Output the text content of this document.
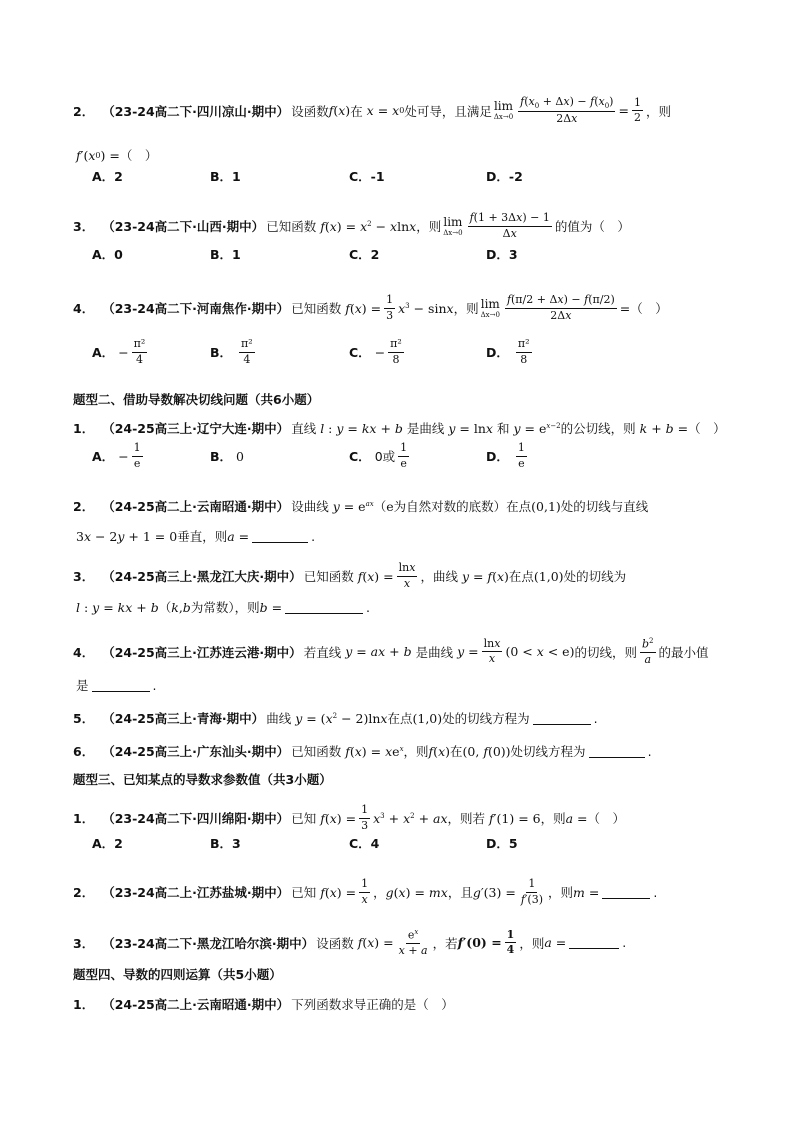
2． （23-24高二下·四川凉山·期中） 设函数 f ( x ) 在 x = x 0 处可导，且满足 lim
$\Delta x\to 0 \frac{f(x_0 + \Delta x) - f(x_0)}{2\Delta x} = \frac{1}{2}$ ，则
f ′( x 0 ) = （　）
A．2	B．1	C．-1	D．-2
3． （23-24高二下·山西·期中） 已知函数 $f(x) = x^2 - xlnx$ ，则 lim
$\Delta x\to 0 \frac{f(1 + 3\Delta x) - 1}{\Delta x}$ 的值为（　）
A．0	B．1	C．2	D．3
4． （23-24高二下·河南焦作·期中） 已知函数 $f(x) = \frac{1}{3} x^3 - \sin x$ ，则 lim
$\Delta x\to 0 \frac{f(\pi/2 + \Delta x) - f(\pi/2)}{2\Delta x}$ = （　）
A． − $\frac{\text{π²}}{4}$	B． $\frac{\text{π²}}{4}$	C． − $\frac{\text{π²}}{8}$	D． $\frac{\text{π²}}{8}$
题型二、借助导数解决切线问题（共6小题）
1． （24-25高三上·辽宁大连·期中） 直线 l : y = kx + b 是曲线 y = lnx 和 $y = e^{x-2}$ 的公切线，则 k + b = （　）
A． − $\frac{1}{e}$	B． 0	C． 0或 $\frac{1}{e}$	D． $\frac{1}{e}$
2． （24-25高二上·云南昭通·期中） 设曲线 $y = e^{ax}$ （ e 为自然对数的底数）在点 (0,1) 处的切线与直线
3x − 2y + 1 = 0 垂直，则 a =	.
3． （24-25高三上·黑龙江大庆·期中） 已知函数 $f(x) = \frac{\ln x}{x}$ ，曲线 y = f(x) 在点 (1,0) 处的切线为
l : y = kx + b （ k,b 为常数），则 b =	.
4． （24-25高三上·江苏连云港·期中） 若直线 y = ax + b 是曲线 $y = \frac{\ln x}{x} (0 < x < e)$ 的切线，则 $\frac{b^2}{a}$ 的最小值
是	.
5． （24-25高三上·青海·期中） 曲线 $y = (x^2 - 2)\ln x$ 在点 (1,0) 处的切线方程为	.
6． （24-25高三上·广东汕头·期中） 已知函数 $f(x) = xe^x$ ，则 f(x) 在 (0, f(0)) 处切线方程为	.
题型三、已知某点的导数求参数值（共3小题）
1． （23-24高二下·四川绵阳·期中） 已知 $f(x) = \frac{1}{3} x^3 + x^2$ + ax ，则若 f′(1) = 6 ，则 a = （　）
A．2	B．3	C．4	D．5
2． （23-24高二上·江苏盐城·期中） 已知 $f(x) = \frac{1}{x}$ ， g(x) = mx ，且 $g'(3) = \frac{1}{f'(3)}$ ，则 m =	.
3． （23-24高二下·黑龙江哈尔滨·期中） 设函数 $f(x) = \frac{e^x}{x + a}$ ，若 $f'(0) = \frac{1}{4}$ ，则 a =	.
题型四、导数的四则运算（共5小题）
1． （24-25高二上·云南昭通·期中） 下列函数求导正确的是（　）
